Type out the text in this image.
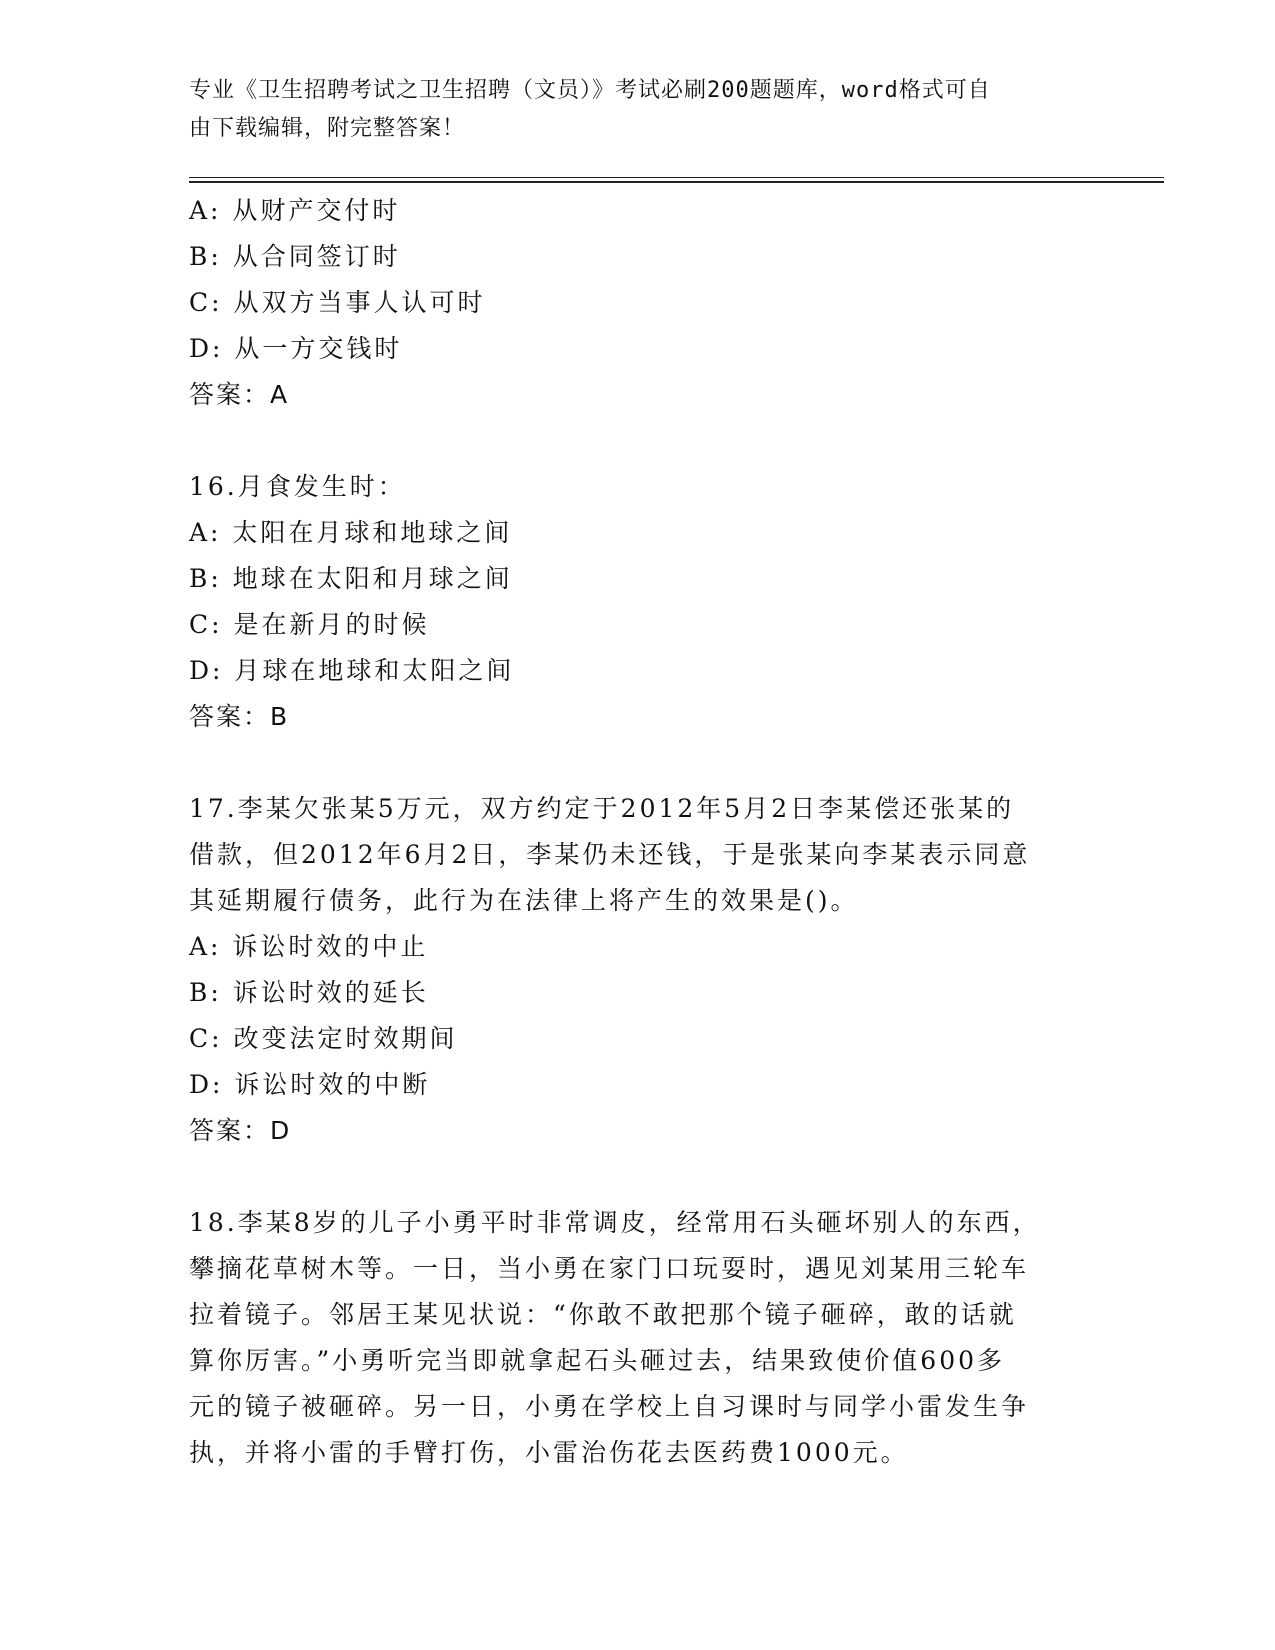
专业《卫生招聘考试之卫生招聘（文员）》考试必刷200题题库，word格式可自
由下载编辑，附完整答案！
A: 从财产交付时
B: 从合同签订时
C: 从双方当事人认可时
D: 从一方交钱时
答案：A
16.月食发生时：
A: 太阳在月球和地球之间
B: 地球在太阳和月球之间
C: 是在新月的时候
D: 月球在地球和太阳之间
答案：B
17.李某欠张某5万元，双方约定于2012年5月2日李某偿还张某的
借款，但2012年6月2日，李某仍未还钱，于是张某向李某表示同意
其延期履行债务，此行为在法律上将产生的效果是()。
A: 诉讼时效的中止
B: 诉讼时效的延长
C: 改变法定时效期间
D: 诉讼时效的中断
答案：D
18.李某8岁的儿子小勇平时非常调皮，经常用石头砸坏别人的东西，
攀摘花草树木等。一日，当小勇在家门口玩耍时，遇见刘某用三轮车
拉着镜子。邻居王某见状说：“你敢不敢把那个镜子砸碎，敢的话就
算你厉害。”小勇听完当即就拿起石头砸过去，结果致使价值600多
元的镜子被砸碎。另一日，小勇在学校上自习课时与同学小雷发生争
执，并将小雷的手臂打伤，小雷治伤花去医药费1000元。
